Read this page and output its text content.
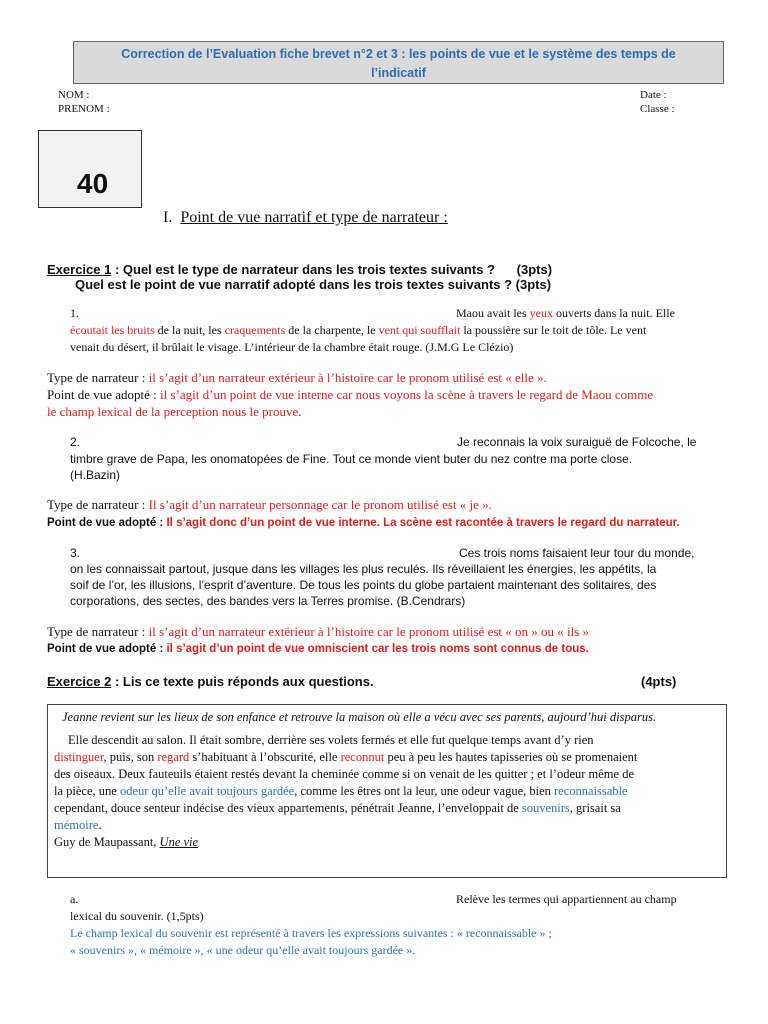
Correction de l’Evaluation fiche brevet n°2 et 3 : les points de vue et le système des temps de
l’indicatif
NOM :
PRENOM :
Date :
Classe :
40
I. Point de vue narratif et type de narrateur :
Exercice 1 : Quel est le type de narrateur dans les trois textes suivants ? (3pts)
Quel est le point de vue narratif adopté dans les trois textes suivants ? (3pts)
1.	Maou avait les yeux ouverts dans la nuit. Elle
écoutait les bruits de la nuit, les craquements de la charpente, le vent qui soufflait la poussière sur le toit de tôle. Le vent
venait du désert, il brûlait le visage. L’intérieur de la chambre était rouge. (J.M.G Le Clézio)
Type de narrateur : il s’agit d’un narrateur extérieur à l’histoire car le pronom utilisé est « elle ».
Point de vue adopté : il s’agit d’un point de vue interne car nous voyons la scène à travers le regard de Maou comme
le champ lexical de la perception nous le prouve.
2.	Je reconnais la voix suraiguë de Folcoche, le
timbre grave de Papa, les onomatopées de Fine. Tout ce monde vient buter du nez contre ma porte close.
(H.Bazin)
Type de narrateur : Il s’agit d’un narrateur personnage car le pronom utilisé est « je ».
Point de vue adopté : Il s’agit donc d’un point de vue interne. La scène est racontée à travers le regard du narrateur.
3.	Ces trois noms faisaient leur tour du monde,
on les connaissait partout, jusque dans les villages les plus reculés. Ils réveillaient les énergies, les appétits, la
soif de l’or, les illusions, l’esprit d’aventure. De tous les points du globe partaient maintenant des solitaires, des
corporations, des sectes, des bandes vers la Terres promise. (B.Cendrars)
Type de narrateur : il s’agit d’un narrateur extérieur à l’histoire car le pronom utilisé est « on » ou « ils »
Point de vue adopté : il s’agit d’un point de vue omniscient car les trois noms sont connus de tous.
Exercice 2 : Lis ce texte puis réponds aux questions.	(4pts)
Jeanne revient sur les lieux de son enfance et retrouve la maison où elle a vécu avec ses parents, aujourd’hui disparus.
Elle descendit au salon. Il était sombre, derrière ses volets fermés et elle fut quelque temps avant d’y rien
distinguer, puis, son regard s’habituant à l’obscurité, elle reconnut peu à peu les hautes tapisseries où se promenaient
des oiseaux. Deux fauteuils étaient restés devant la cheminée comme si on venait de les quitter ; et l’odeur même de
la pièce, une odeur qu’elle avait toujours gardée, comme les êtres ont la leur, une odeur vague, bien reconnaissable
cependant, douce senteur indécise des vieux appartements, pénétrait Jeanne, l’enveloppait de souvenirs, grisait sa
mémoire.
Guy de Maupassant, Une vie
a.	Relève les termes qui appartiennent au champ
lexical du souvenir. (1,5pts)
Le champ lexical du souvenir est représenté à travers les expressions suivantes : « reconnaissable » ;
« souvenirs », « mémoire », « une odeur qu’elle avait toujours gardée ».
